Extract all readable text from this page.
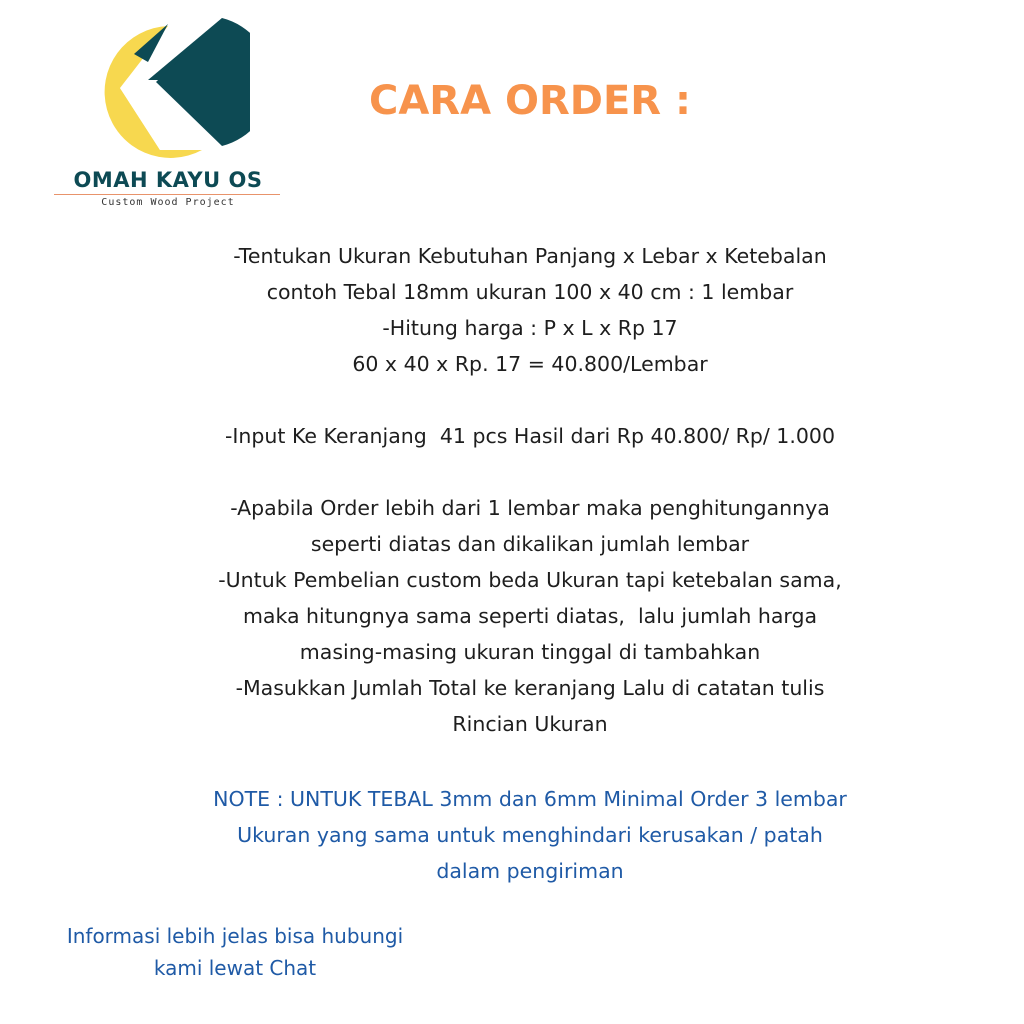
OMAH KAYU OS
Custom Wood Project
CARA ORDER :
-Tentukan Ukuran Kebutuhan Panjang x Lebar x Ketebalan
contoh Tebal 18mm ukuran 100 x 40 cm : 1 lembar
-Hitung harga : P x L x Rp 17
60 x 40 x Rp. 17 = 40.800/Lembar
-Input Ke Keranjang  41 pcs Hasil dari Rp 40.800/ Rp/ 1.000
-Apabila Order lebih dari 1 lembar maka penghitungannya
seperti diatas dan dikalikan jumlah lembar
-Untuk Pembelian custom beda Ukuran tapi ketebalan sama,
maka hitungnya sama seperti diatas,  lalu jumlah harga
masing-masing ukuran tinggal di tambahkan
-Masukkan Jumlah Total ke keranjang Lalu di catatan tulis
Rincian Ukuran
NOTE : UNTUK TEBAL 3mm dan 6mm Minimal Order 3 lembar
Ukuran yang sama untuk menghindari kerusakan / patah
dalam pengiriman
Informasi lebih jelas bisa hubungi
kami lewat Chat
